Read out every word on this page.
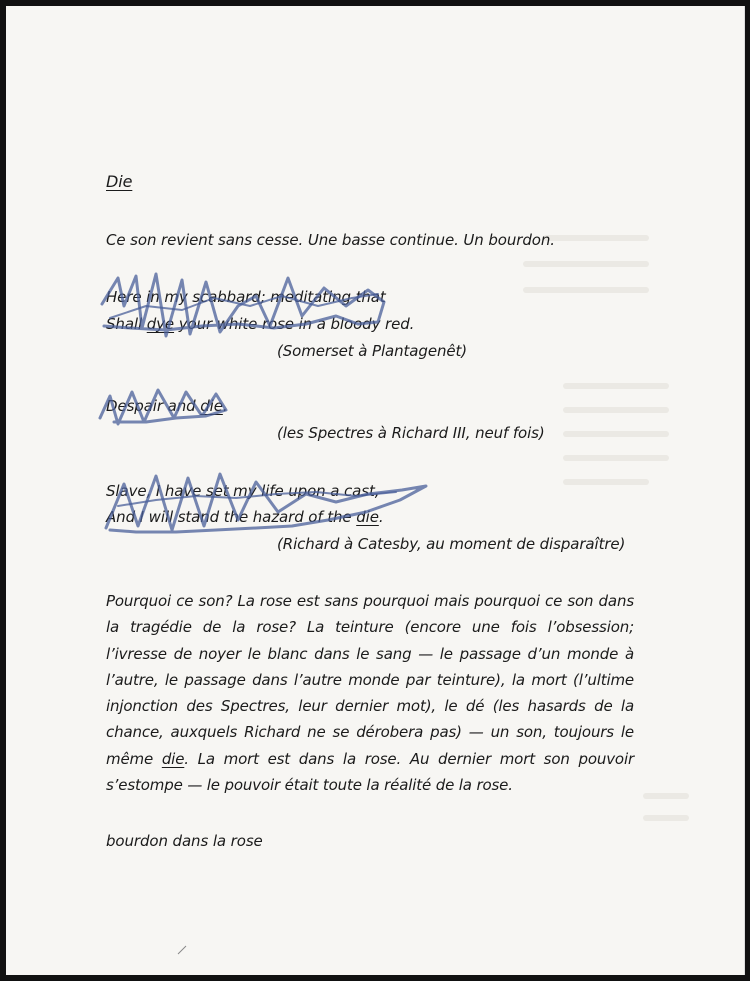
Die
Ce son revient sans cesse. Une basse continue. Un bourdon.
Here in my scabbard; meditating that
Shall dye your white rose in a bloody red.
(Somerset à Plantagenêt)
Despair and die.
(les Spectres à Richard III, neuf fois)
Slave, I have set my life upon a cast,
And I will stand the hazard of the die.
(Richard à Catesby, au moment de disparaître)
bourdon dans la rose
Pourquoi ce son? La rose est sans pourquoi mais pourquoi ce son dans la tragédie de la rose? La teinture (encore une fois l’obsession; l’ivresse de noyer le blanc dans le sang — le passage d’un monde à l’autre, le passage dans l’autre monde par teinture), la mort (l’ultime injonction des Spectres, leur dernier mot), le dé (les hasards de la chance, auxquels Richard ne se dérobera pas) — un son, toujours le même die. La mort est dans la rose. Au dernier mort son pouvoir s’estompe — le pouvoir était toute la réalité de la rose.
